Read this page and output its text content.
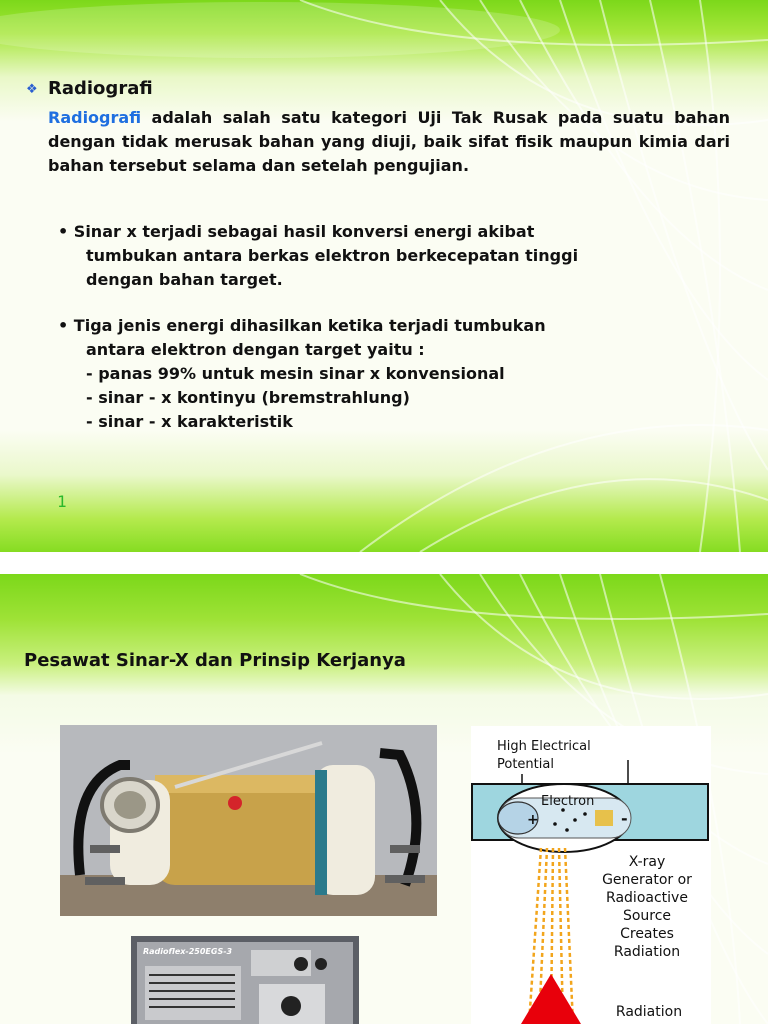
❖ Radiografi

Radiografi adalah salah satu kategori Uji Tak Rusak pada suatu bahan dengan tidak merusak bahan yang diuji, baik sifat fisik maupun kimia dari bahan tersebut selama dan setelah pengujian.

• Sinar x terjadi sebagai hasil konversi energi akibat
tumbukan antara berkas elektron berkecepatan tinggi
dengan bahan target.
• Tiga jenis energi dihasilkan ketika terjadi tumbukan
antara elektron dengan target yaitu :
- panas 99% untuk mesin sinar x konvensional
- sinar - x kontinyu (bremstrahlung)
- sinar - x karakteristik
1
Pesawat Sinar-X dan Prinsip Kerjanya
Radioflex-250EGS-3
High Electrical
Potential
+	-
Electron
X-ray
Generator or
Radioactive
Source
Creates
Radiation
Radiation
